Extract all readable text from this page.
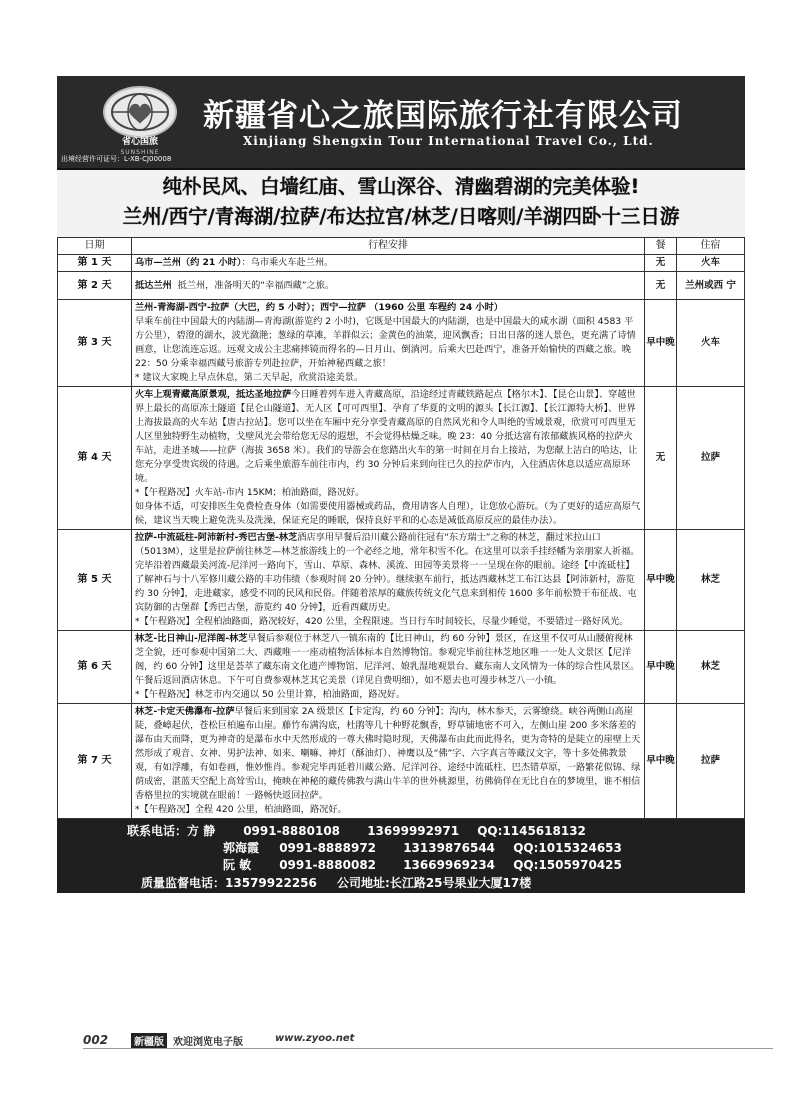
省心国旅
SUNSHINE
新疆省心之旅国际旅行社有限公司
Xinjiang Shengxin Tour International Travel Co., Ltd.
出境经营许可证号：L-XB-CJ00008
纯朴民风、白墙红庙、雪山深谷、清幽碧湖的完美体验!
兰州/西宁/青海湖/拉萨/布达拉宫/林芝/日喀则/羊湖四卧十三日游
日期	行程安排	餐	住宿
第 1 天	乌市—兰州（约 21 小时）：乌市乘火车赴兰州。	无	火车
第 2 天	抵达兰州 抵兰州，准备明天的“幸福西藏”之旅。	无	兰州或西 宁
第 3 天	兰州-青海湖-西宁-拉萨（大巴，约 5 小时）；西宁—拉萨 （1960 公里 车程约 24 小时）
早乘车前往中国最大的内陆湖—青海湖(游览约 2 小时)，它既是中国最大的内陆湖，也是中国最大的咸水湖（面积 4583 平方公里），碧澄的湖水，波光潋滟；葱绿的草滩，羊群似云；金黄色的油菜，迎风飘香；日出日落的迷人景色，更充满了诗情画意，让您流连忘返。远观文成公主悲痛摔镜而得名的—日月山、倒淌河。后乘大巴赴西宁，准备开始愉快的西藏之旅。晚 22：50 分乘幸福西藏号旅游专列赴拉萨，开始神秘西藏之旅！
* 建议大家晚上早点休息，第二天早起，欣赏沿途美景。	早中晚	火车
第 4 天	火车上观青藏高原景观，抵达圣地拉萨今日睡着列车进入青藏高原，沿途经过青藏铁路起点【格尔木】、【昆仑山景】、穿越世界上最长的高原冻土隧道【昆仑山隧道】、无人区【可可西里】、孕育了华夏的文明的源头【长江源】、【长江源特大桥】、世界上海拔最高的火车站【唐古拉站】。您可以坐在车厢中充分享受青藏高原的自然风光和令人叫绝的雪域景观，欣赏可可西里无人区里独特野生动植物，戈壁风光会带给您无尽的遐想，不会觉得枯燥乏味。晚 23：40 分抵达富有浓郁藏族风格的拉萨火车站，走进圣城——拉萨（海拔 3658 米）。我们的导游会在您踏出火车的第一时间在月台上接站，为您献上洁白的哈达，让您充分享受贵宾级的待遇。之后乘坐旅游车前往市内，约 30 分钟后来到向往已久的拉萨市内，入住酒店休息以适应高原环境。
*【午程路况】火车站-市内 15KM；柏油路面，路况好。
如身体不适，可安排医生免费检查身体（如需要使用器械或药品，费用请客人自理），让您放心游玩。（为了更好的适应高原气候，建议当天晚上避免洗头及洗澡，保证充足的睡眠，保持良好平和的心态是减低高原反应的最佳办法）。	无	拉萨
第 5 天	拉萨-中流砥柱-阿沛新村-秀巴古堡-林芝酒店享用早餐后沿川藏公路前往冠有“东方瑞士”之称的林芝，翻过米拉山口（5013M），这里是拉萨前往林芝—林芝旅游线上的一个必经之地，常年积雪不化。在这里可以亲手挂经幡为亲朋家人祈福。完毕沿着西藏最美河流-尼洋河一路向下，雪山、草原、森林、溪流、田园等美景将一一呈现在你的眼前。途经【中流砥柱】了解神石与十八军修川藏公路的丰功伟绩（参观时间 20 分钟）。继续驱车前行，抵达西藏林芝工布江达县【阿沛新村，游览约 30 分钟】，走进藏家，感受不同的民风和民俗。伴随着浓厚的藏族传统文化气息来到相传 1600 多年前松赞干布征战、屯宾防御的古堡群【秀巴古堡，游览约 40 分钟】，近看西藏历史。
*【午程路况】全程柏油路面，路况较好，420 公里，全程限速。当日行车时间较长，尽量少睡觉，不要错过一路好风光。	早中晚	林芝
第 6 天	林芝-比日神山-尼洋阁-林芝早餐后参观位于林芝八一镇东南的【比日神山，约 60 分钟】景区，在这里不仅可从山腰俯视林芝全貌，还可参观中国第二大、西藏唯一一座动植物活体标本自然博物馆。参观完毕前往林芝地区唯一一处人文景区【尼洋阁，约 60 分钟】这里是荟萃了藏东南文化遗产博物馆、尼洋河、娘乳湿地观景台、藏东南人文风情为一体的综合性风景区。午餐后返回酒店休息。下午可自费参观林芝其它美景（详见自费明细），如不愿去也可漫步林芝八一小镇。
*【午程路况】林芝市内交通以 50 公里计算，柏油路面，路况好。	早中晚	林芝
第 7 天	林芝-卡定天佛瀑布-拉萨早餐后来到国家 2A 级景区【卡定沟，约 60 分钟】；沟内，林木参天，云雾缭绕。峡谷两侧山高崖陡，叠嶂起伏，苍松巨柏遍布山崖。藤竹布满沟底，杜鹃等几十种野花飘香，野草铺地密不可入，左侧山崖 200 多米落差的瀑布由天而降，更为神奇的是瀑布水中天然形成的一尊大佛时隐时现，天佛瀑布由此而此得名，更为奇特的是陡立的崖壁上天然形成了观音、女神、男护法神、如来、喇嘛、神灯（酥油灯）、神鹰以及“佛”字、六字真言等藏汉文字，等十多处佛教景观，有如浮雕，有如卷画，惟妙惟肖。参观完毕再延着川藏公路、尼洋河谷、途经中流砥柱、巴杰错草原，一路繁花似锦、绿荫成密，湛蓝天空配上高耸雪山，掩映在神秘的藏传佛教与满山牛羊的世外桃源里，彷佛倘佯在无比自在的梦境里，谁不相信香格里拉的实境就在眼前！一路畅快返回拉萨。
*【午程路况】全程 420 公里，柏油路面，路况好。	早中晚	拉萨
联系电话：方 静 0991-8880108 13699992971 QQ:1145618132
郭海霞 0991-8888972 13139876544 QQ:1015324653
阮 敏 0991-8880082 13669969234 QQ:1505970425
质量监督电话：13579922256 公司地址:长江路25号果业大厦17楼
002	新疆版 欢迎浏览电子版	www.zyoo.net
